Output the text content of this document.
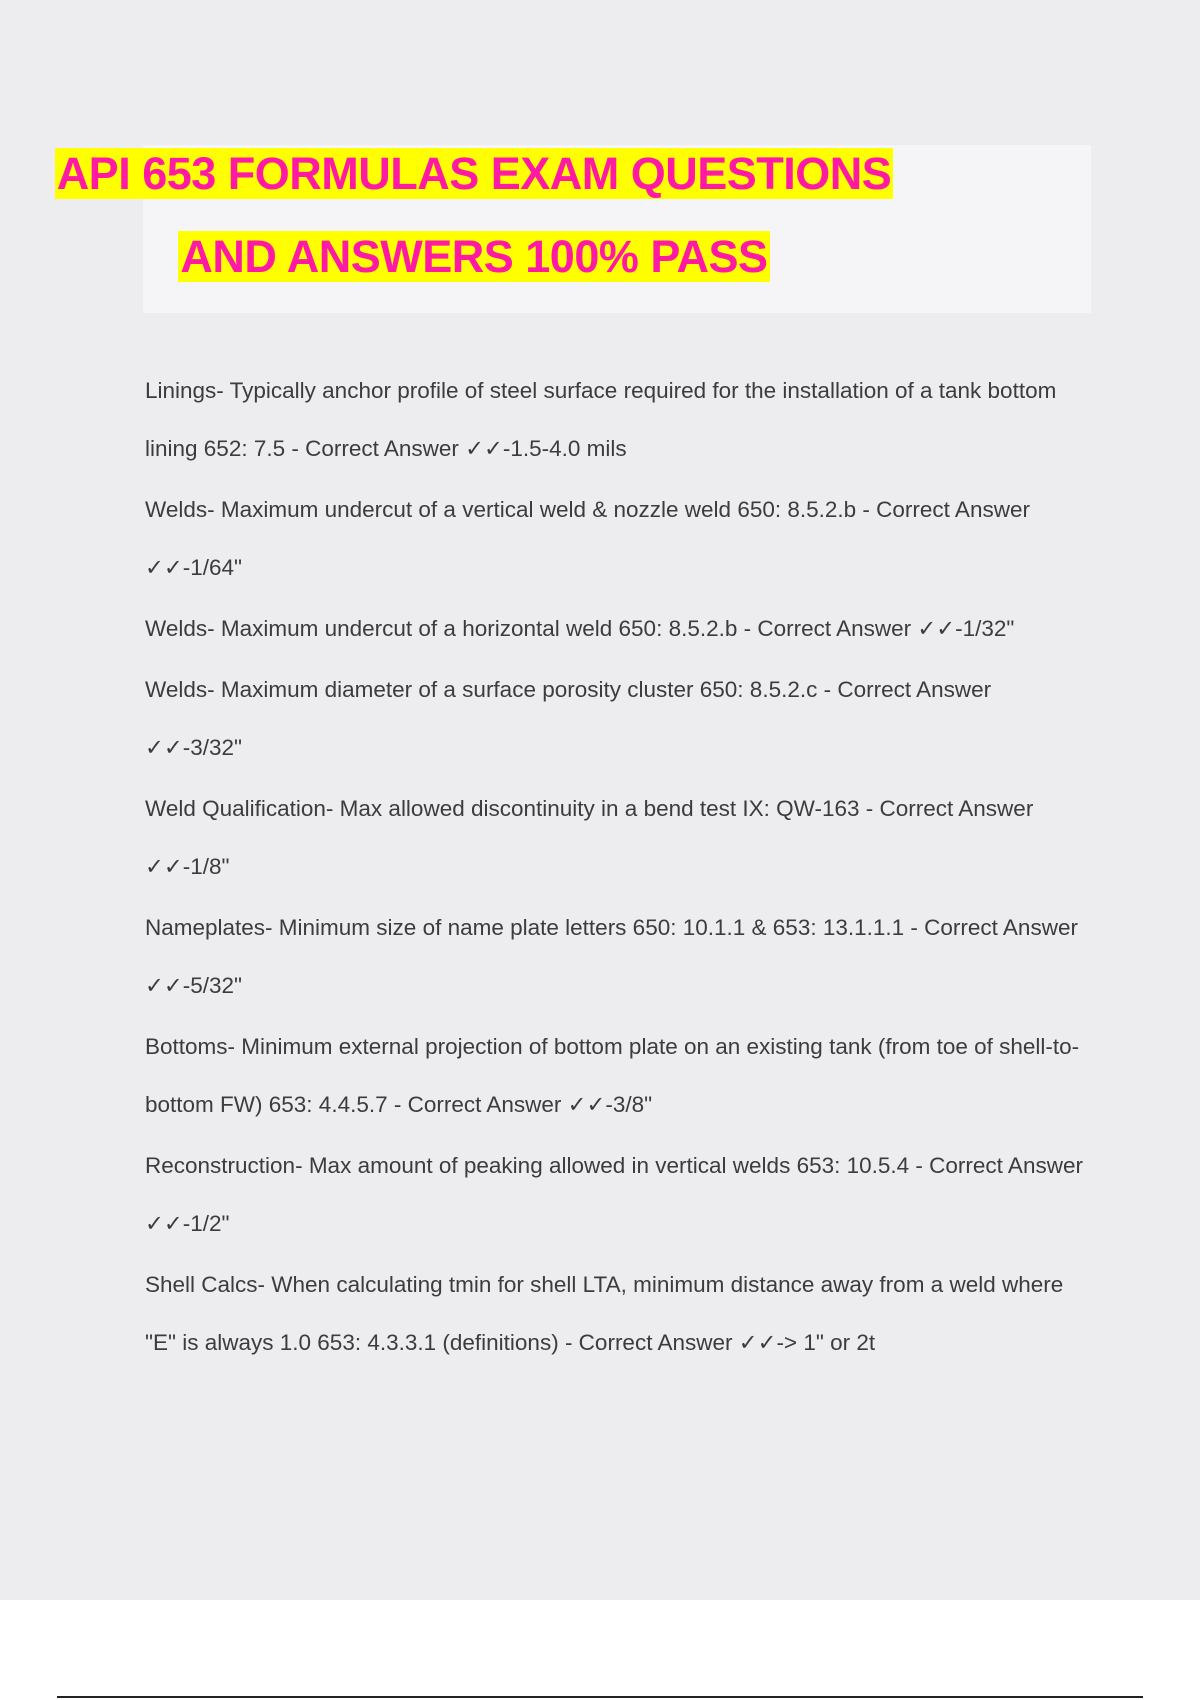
API 653 FORMULAS EXAM QUESTIONS
AND ANSWERS 100% PASS

Linings- Typically anchor profile of steel surface required for the installation of a tank bottom lining 652: 7.5 - Correct Answer ✓✓-1.5-4.0 mils

Welds- Maximum undercut of a vertical weld & nozzle weld 650: 8.5.2.b - Correct Answer ✓✓-1/64"

Welds- Maximum undercut of a horizontal weld 650: 8.5.2.b - Correct Answer ✓✓-1/32"

Welds- Maximum diameter of a surface porosity cluster 650: 8.5.2.c - Correct Answer ✓✓-3/32"

Weld Qualification- Max allowed discontinuity in a bend test IX: QW-163 - Correct Answer ✓✓-1/8"

Nameplates- Minimum size of name plate letters 650: 10.1.1 & 653: 13.1.1.1 - Correct Answer ✓✓-5/32"

Bottoms- Minimum external projection of bottom plate on an existing tank (from toe of shell-to-bottom FW) 653: 4.4.5.7 - Correct Answer ✓✓-3/8"

Reconstruction- Max amount of peaking allowed in vertical welds 653: 10.5.4 - Correct Answer ✓✓-1/2"

Shell Calcs- When calculating tmin for shell LTA, minimum distance away from a weld where "E" is always 1.0 653: 4.3.3.1 (definitions) - Correct Answer ✓✓-> 1" or 2t
